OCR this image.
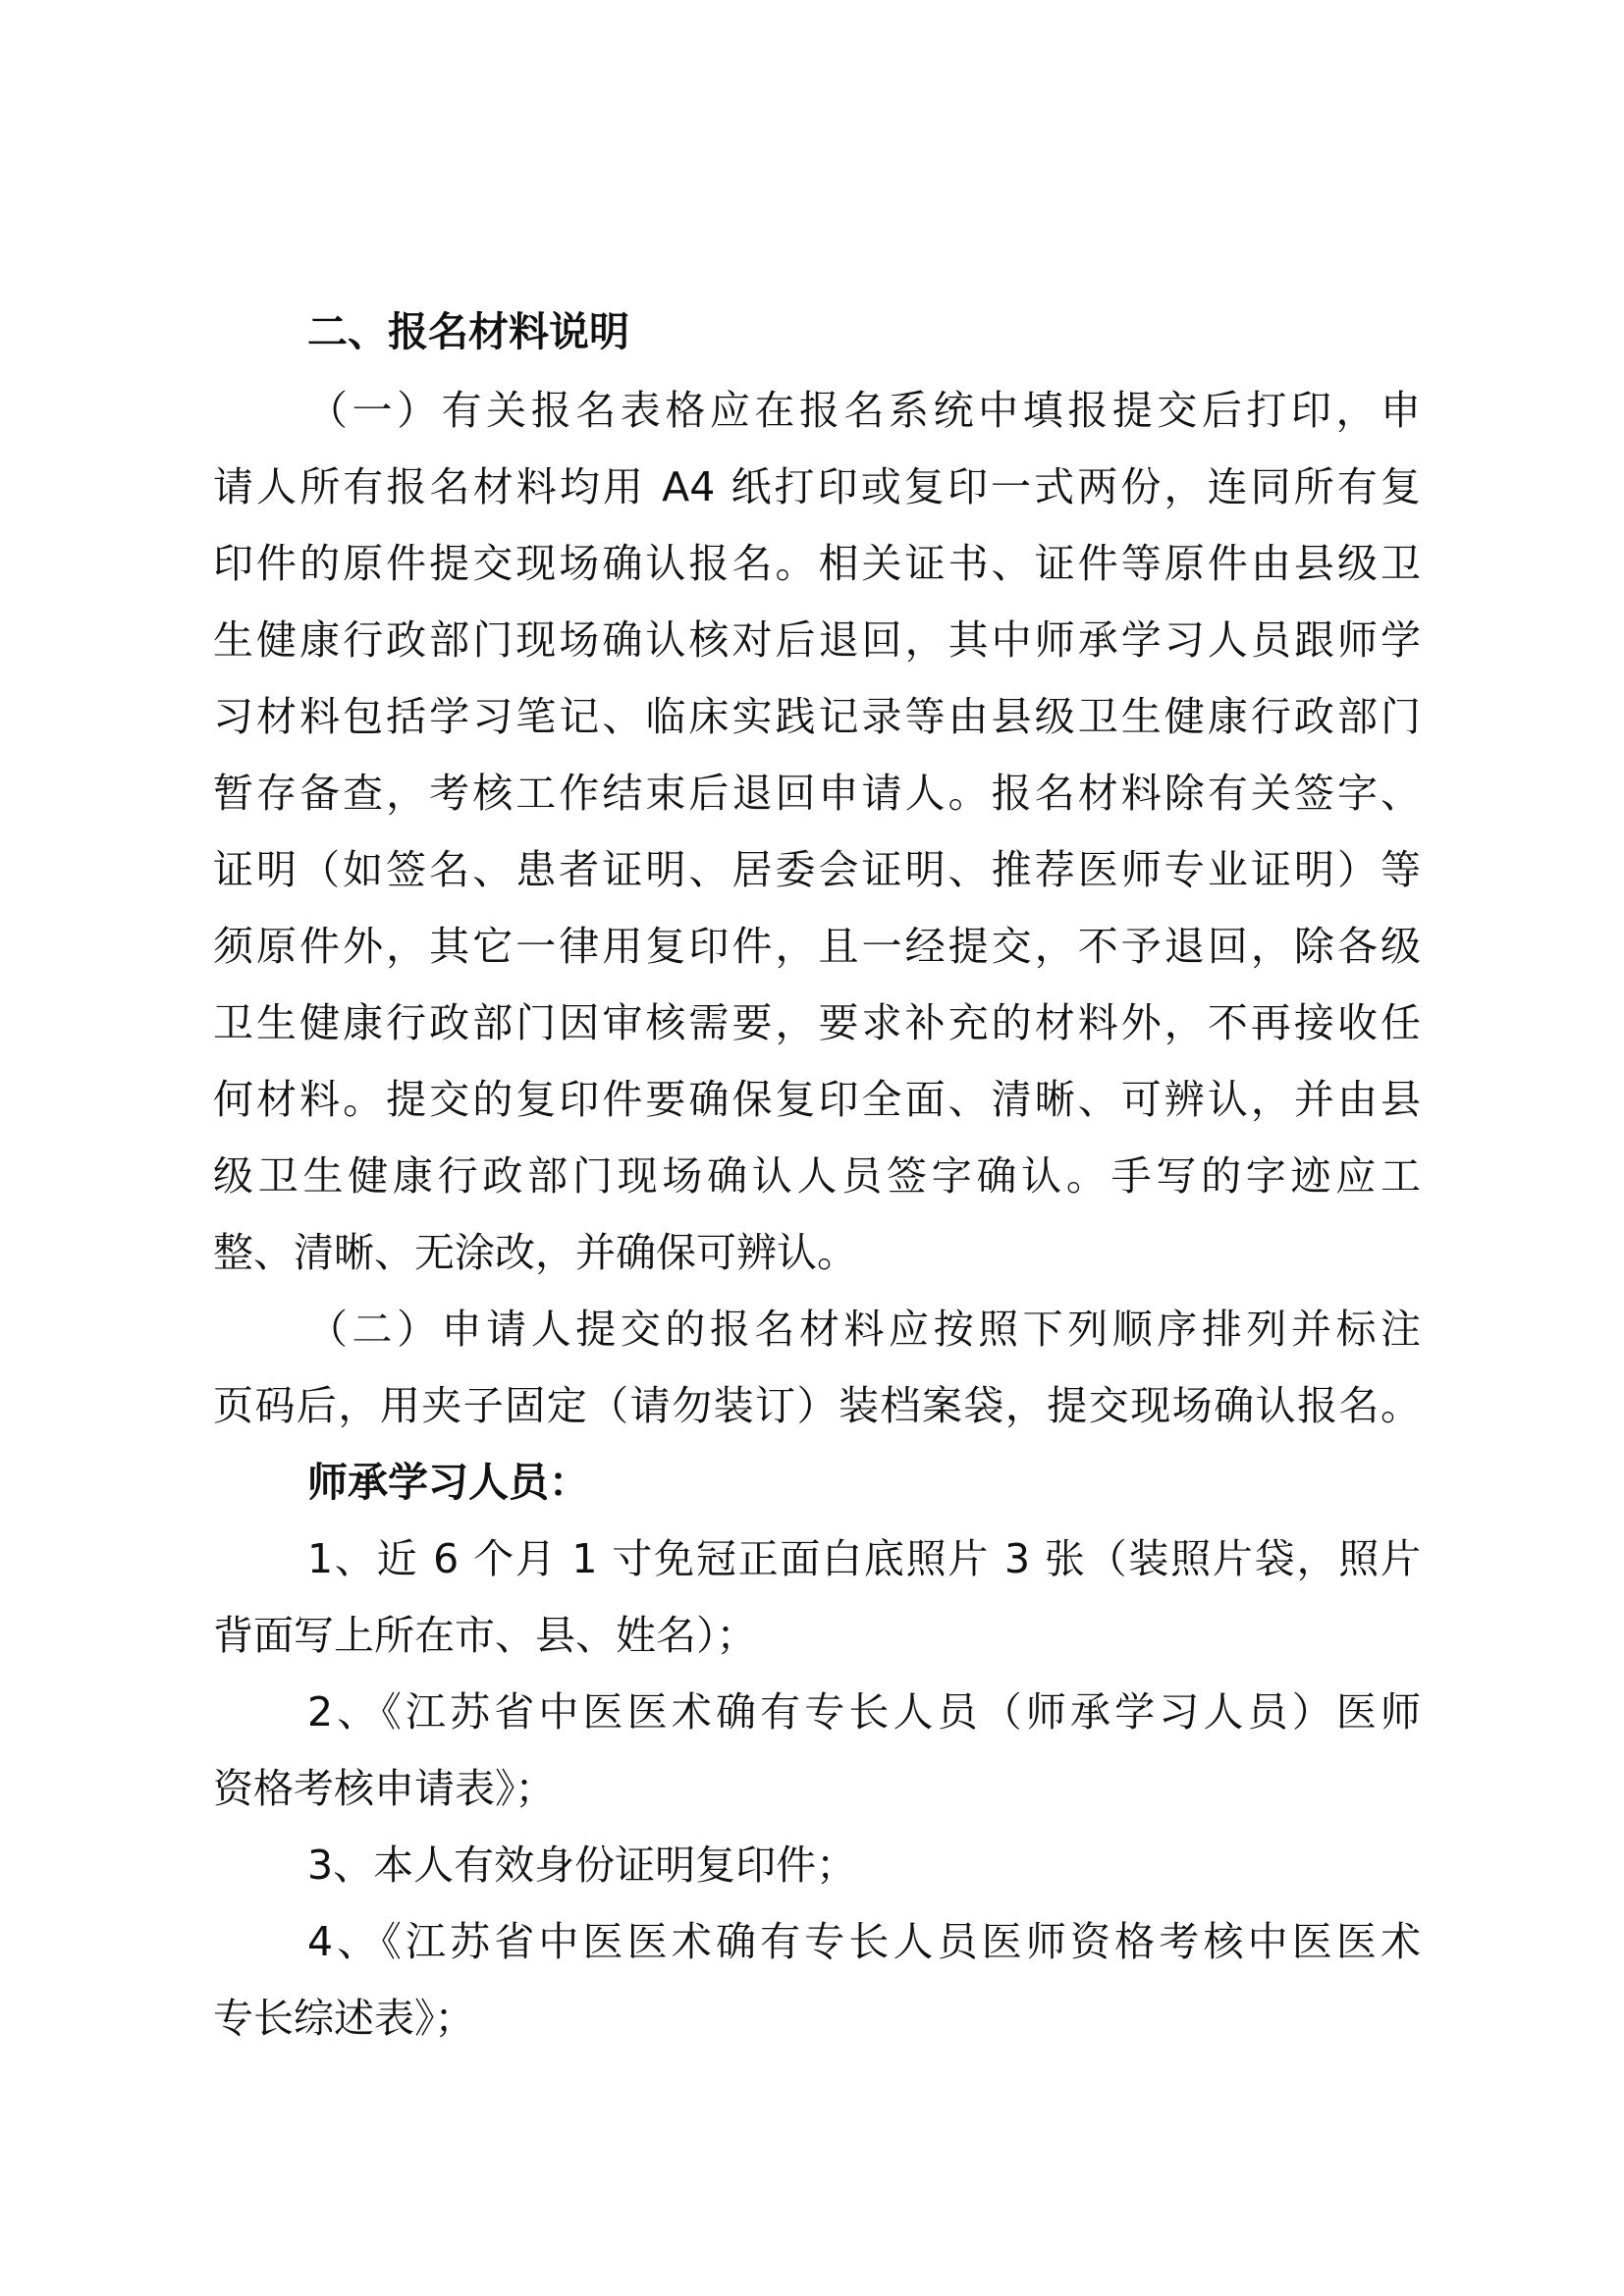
二、报名材料说明
（一）有关报名表格应在报名系统中填报提交后打印，申
请人所有报名材料均用 A4 纸打印或复印一式两份，连同所有复
印件的原件提交现场确认报名。相关证书、证件等原件由县级卫
生健康行政部门现场确认核对后退回，其中师承学习人员跟师学
习材料包括学习笔记、临床实践记录等由县级卫生健康行政部门
暂存备查，考核工作结束后退回申请人。报名材料除有关签字、
证明（如签名、患者证明、居委会证明、推荐医师专业证明）等
须原件外，其它一律用复印件，且一经提交，不予退回，除各级
卫生健康行政部门因审核需要，要求补充的材料外，不再接收任
何材料。提交的复印件要确保复印全面、清晰、可辨认，并由县
级卫生健康行政部门现场确认人员签字确认。手写的字迹应工
整、清晰、无涂改，并确保可辨认。
（二）申请人提交的报名材料应按照下列顺序排列并标注
页码后，用夹子固定（请勿装订）装档案袋，提交现场确认报名。
师承学习人员：
1、近 6 个月 1 寸免冠正面白底照片 3 张（装照片袋，照片
背面写上所在市、县、姓名）；
2、《江苏省中医医术确有专长人员（师承学习人员）医师
资格考核申请表》；
3、本人有效身份证明复印件；
4、《江苏省中医医术确有专长人员医师资格考核中医医术
专长综述表》；
